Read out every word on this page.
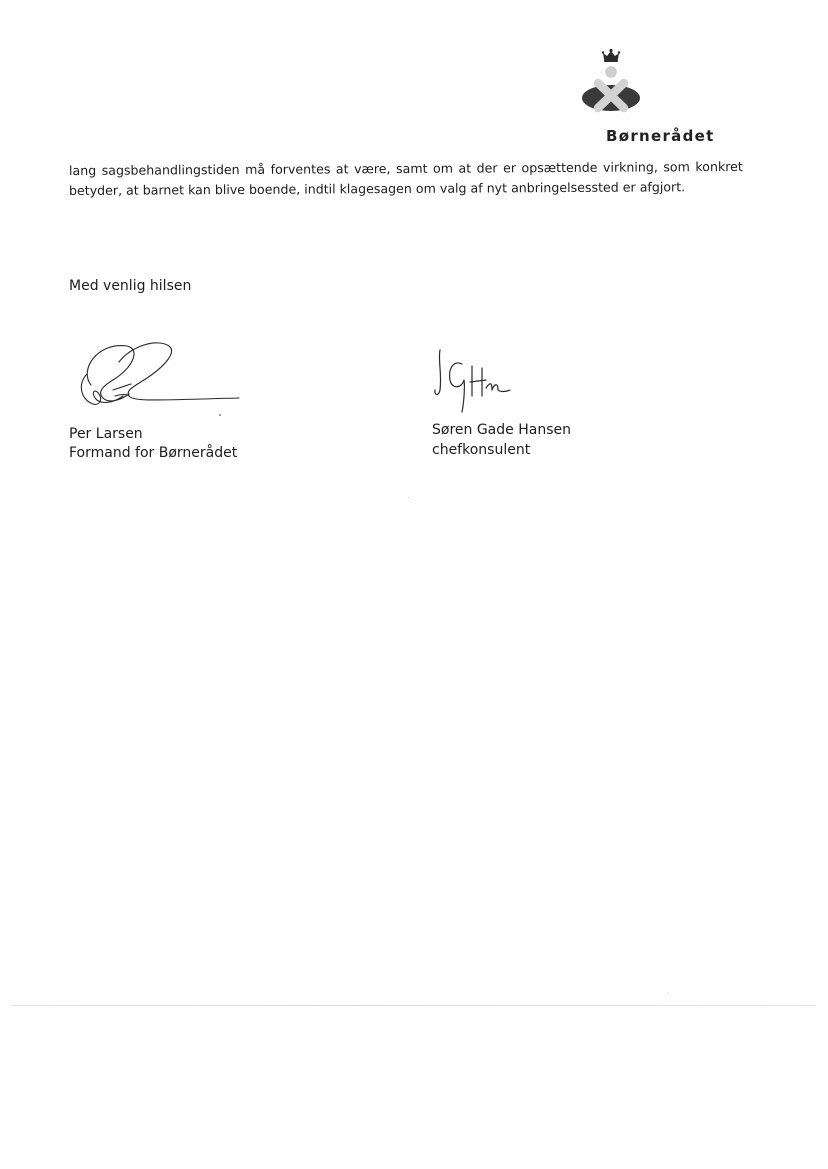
Børnerådet
lang sagsbehandlingstiden må forventes at være, samt om at der er opsættende virkning, som konkret
betyder, at barnet kan blive boende, indtil klagesagen om valg af nyt anbringelsessted er afgjort.
Med venlig hilsen
Per Larsen
Formand for Børnerådet
Søren Gade Hansen
chefkonsulent
